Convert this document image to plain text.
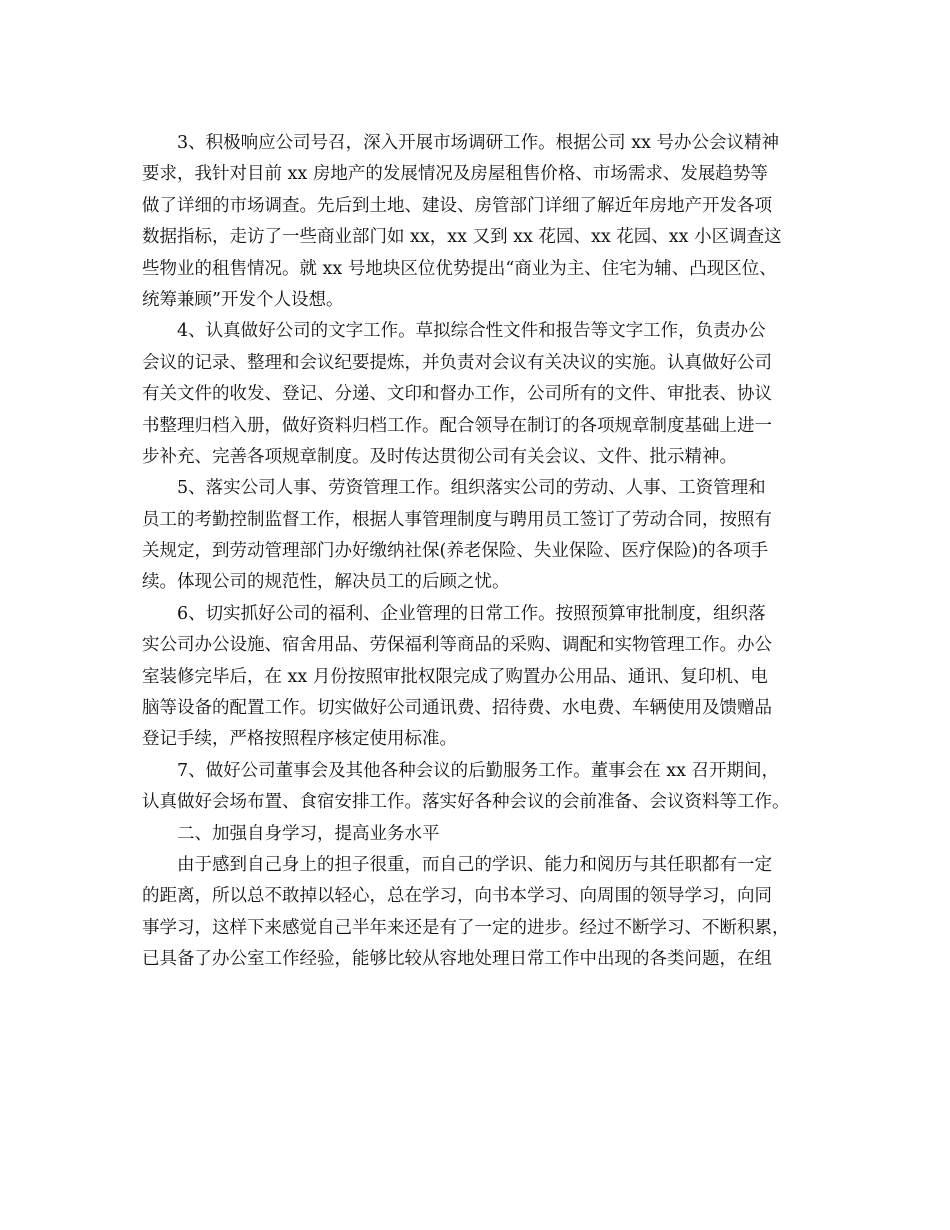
3、积极响应公司号召，深入开展市场调研工作。根据公司 xx 号办公会议精神
要求，我针对目前 xx 房地产的发展情况及房屋租售价格、市场需求、发展趋势等
做了详细的市场调查。先后到土地、建设、房管部门详细了解近年房地产开发各项
数据指标，走访了一些商业部门如 xx，xx 又到 xx 花园、xx 花园、xx 小区调查这
些物业的租售情况。就 xx 号地块区位优势提出“商业为主、住宅为辅、凸现区位、
统筹兼顾”开发个人设想。
4、认真做好公司的文字工作。草拟综合性文件和报告等文字工作，负责办公
会议的记录、整理和会议纪要提炼，并负责对会议有关决议的实施。认真做好公司
有关文件的收发、登记、分递、文印和督办工作，公司所有的文件、审批表、协议
书整理归档入册，做好资料归档工作。配合领导在制订的各项规章制度基础上进一
步补充、完善各项规章制度。及时传达贯彻公司有关会议、文件、批示精神。
5、落实公司人事、劳资管理工作。组织落实公司的劳动、人事、工资管理和
员工的考勤控制监督工作，根据人事管理制度与聘用员工签订了劳动合同，按照有
关规定，到劳动管理部门办好缴纳社保(养老保险、失业保险、医疗保险)的各项手
续。体现公司的规范性，解决员工的后顾之忧。
6、切实抓好公司的福利、企业管理的日常工作。按照预算审批制度，组织落
实公司办公设施、宿舍用品、劳保福利等商品的采购、调配和实物管理工作。办公
室装修完毕后，在 xx 月份按照审批权限完成了购置办公用品、通讯、复印机、电
脑等设备的配置工作。切实做好公司通讯费、招待费、水电费、车辆使用及馈赠品
登记手续，严格按照程序核定使用标准。
7、做好公司董事会及其他各种会议的后勤服务工作。董事会在 xx 召开期间，
认真做好会场布置、食宿安排工作。落实好各种会议的会前准备、会议资料等工作。
二、加强自身学习，提高业务水平
由于感到自己身上的担子很重，而自己的学识、能力和阅历与其任职都有一定
的距离，所以总不敢掉以轻心，总在学习，向书本学习、向周围的领导学习，向同
事学习，这样下来感觉自己半年来还是有了一定的进步。经过不断学习、不断积累，
已具备了办公室工作经验，能够比较从容地处理日常工作中出现的各类问题，在组
